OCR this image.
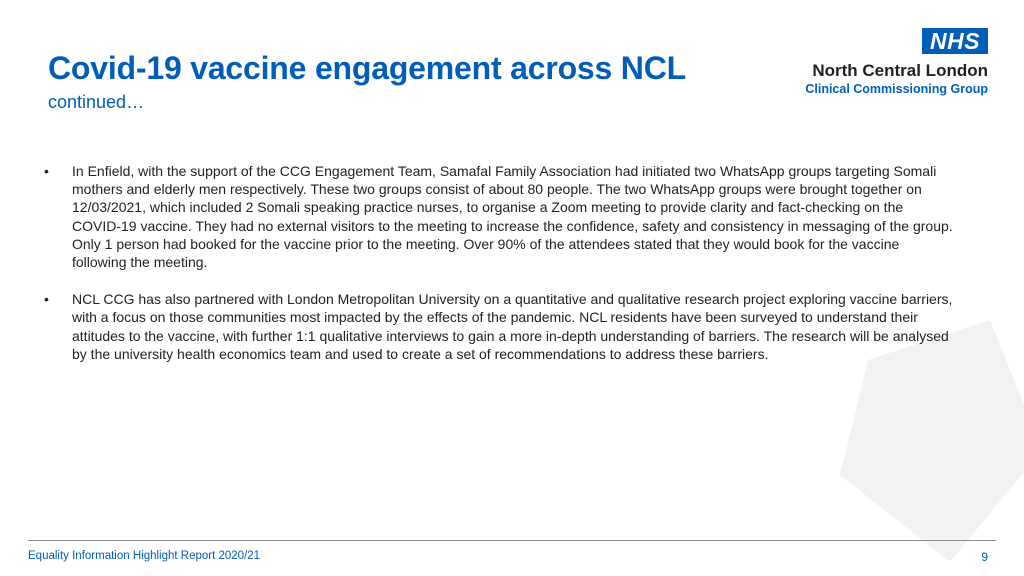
Covid-19 vaccine engagement across NCL
continued…
NHS
North Central London
Clinical Commissioning Group
• In Enfield, with the support of the CCG Engagement Team, Samafal Family Association had initiated two WhatsApp groups targeting Somali mothers and elderly men respectively. These two groups consist of about 80 people. The two WhatsApp groups were brought together on 12/03/2021, which included 2 Somali speaking practice nurses, to organise a Zoom meeting to provide clarity and fact-checking on the COVID-19 vaccine. They had no external visitors to the meeting to increase the confidence, safety and consistency in messaging of the group. Only 1 person had booked for the vaccine prior to the meeting. Over 90% of the attendees stated that they would book for the vaccine following the meeting.
• NCL CCG has also partnered with London Metropolitan University on a quantitative and qualitative research project exploring vaccine barriers, with a focus on those communities most impacted by the effects of the pandemic. NCL residents have been surveyed to understand their attitudes to the vaccine, with further 1:1 qualitative interviews to gain a more in-depth understanding of barriers. The research will be analysed by the university health economics team and used to create a set of recommendations to address these barriers.
Equality Information Highlight Report 2020/21	9
